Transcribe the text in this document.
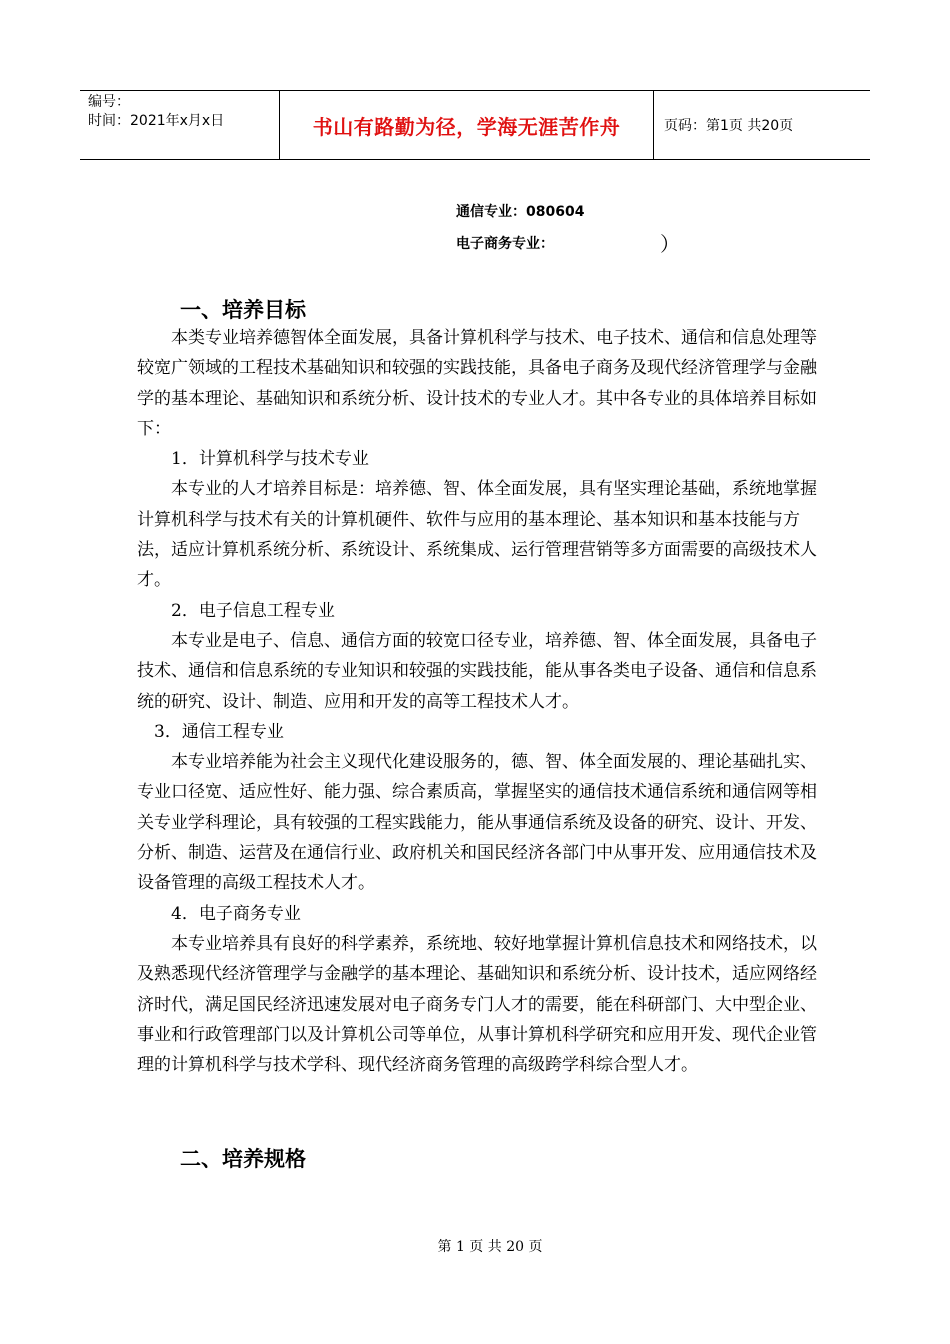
编号：
时间：2021年x月x日	书山有路勤为径，学海无涯苦作舟	页码：第1页 共20页
通信专业：080604
电子商务专业：	）
一、培养目标

本类专业培养德智体全面发展，具备计算机科学与技术、电子技术、通信和信息处理等较宽广领域的工程技术基础知识和较强的实践技能，具备电子商务及现代经济管理学与金融学的基本理论、基础知识和系统分析、设计技术的专业人才。其中各专业的具体培养目标如下：

1．计算机科学与技术专业

本专业的人才培养目标是：培养德、智、体全面发展，具有坚实理论基础，系统地掌握计算机科学与技术有关的计算机硬件、软件与应用的基本理论、基本知识和基本技能与方法，适应计算机系统分析、系统设计、系统集成、运行管理营销等多方面需要的高级技术人才。

2．电子信息工程专业

本专业是电子、信息、通信方面的较宽口径专业，培养德、智、体全面发展，具备电子技术、通信和信息系统的专业知识和较强的实践技能，能从事各类电子设备、通信和信息系统的研究、设计、制造、应用和开发的高等工程技术人才。

3．通信工程专业

本专业培养能为社会主义现代化建设服务的，德、智、体全面发展的、理论基础扎实、专业口径宽、适应性好、能力强、综合素质高，掌握坚实的通信技术通信系统和通信网等相关专业学科理论，具有较强的工程实践能力，能从事通信系统及设备的研究、设计、开发、分析、制造、运营及在通信行业、政府机关和国民经济各部门中从事开发、应用通信技术及设备管理的高级工程技术人才。

4．电子商务专业

本专业培养具有良好的科学素养，系统地、较好地掌握计算机信息技术和网络技术，以及熟悉现代经济管理学与金融学的基本理论、基础知识和系统分析、设计技术，适应网络经济时代，满足国民经济迅速发展对电子商务专门人才的需要，能在科研部门、大中型企业、事业和行政管理部门以及计算机公司等单位，从事计算机科学研究和应用开发、现代企业管理的计算机科学与技术学科、现代经济商务管理的高级跨学科综合型人才。

二、培养规格
第 1 页 共 20 页
